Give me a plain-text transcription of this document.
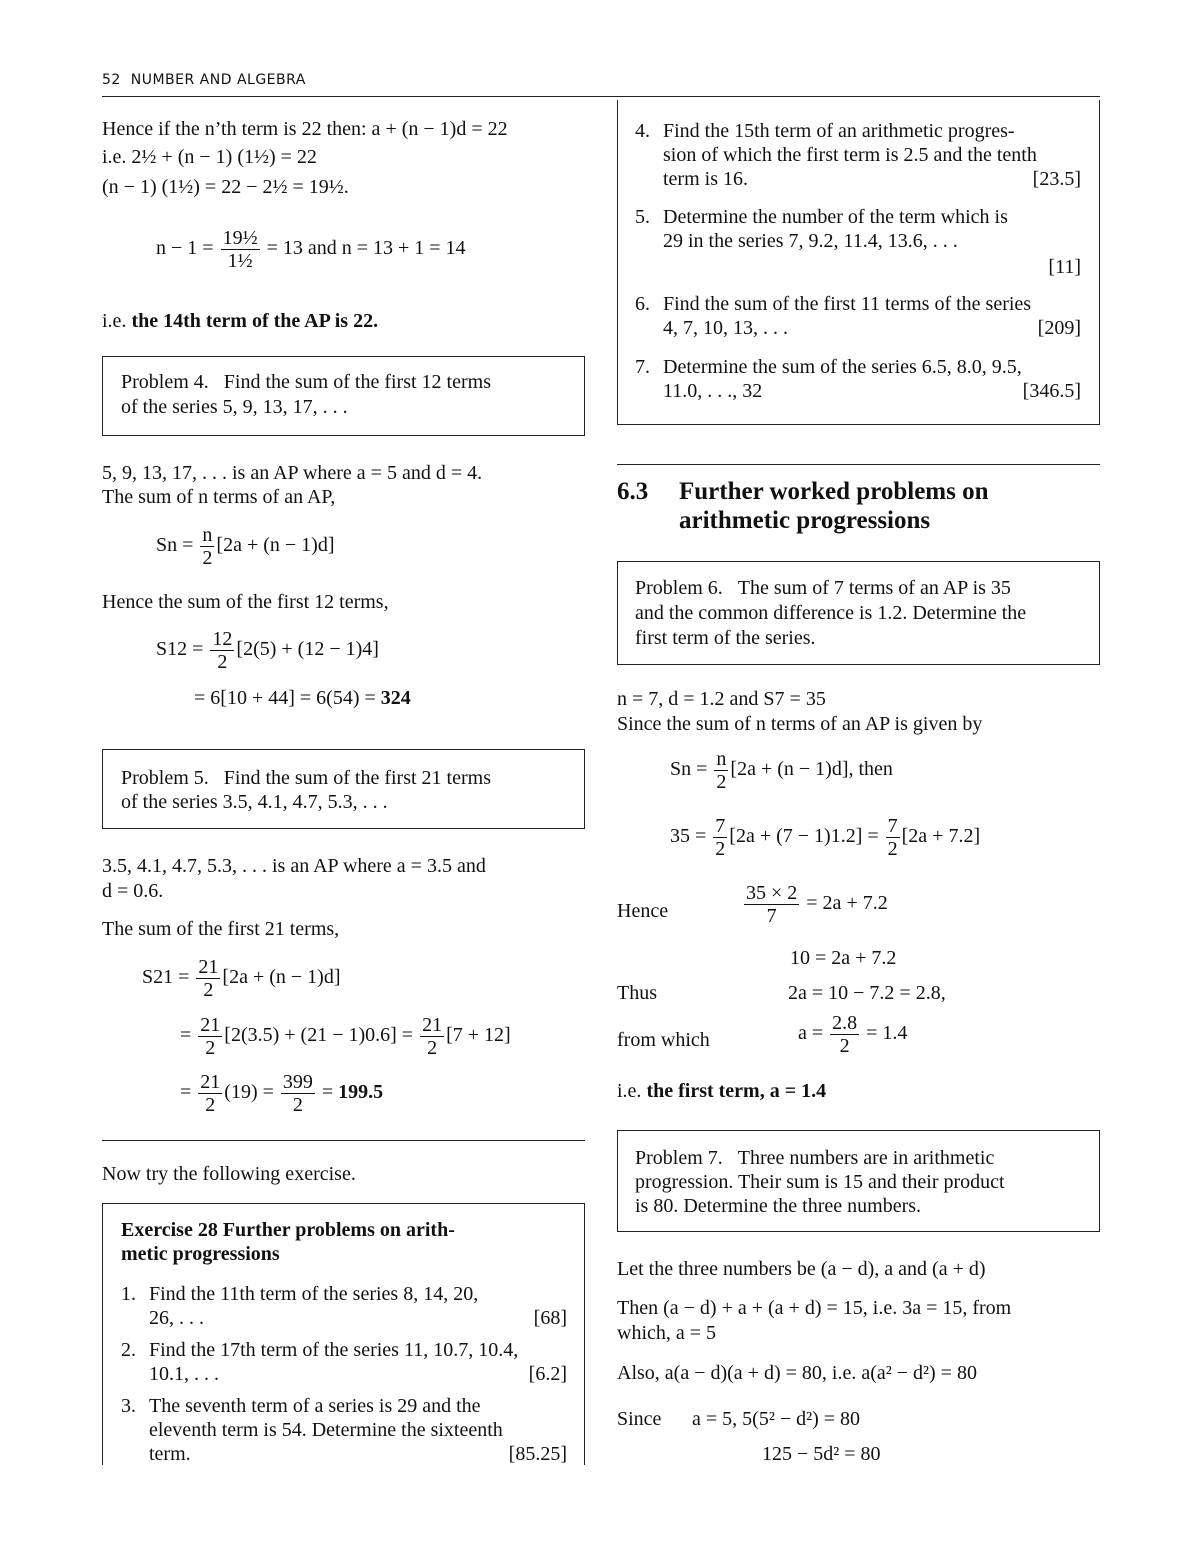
52 NUMBER AND ALGEBRA
Hence if the n’th term is 22 then: a + (n − 1)d = 22
i.e. 2½ + (n − 1) (1½) = 22
(n − 1) (1½) = 22 − 2½ = 19½.
$n - 1 = \frac{\text{19½}}{\text{1½}} = 13$ and n = 13 + 1 = 14
i.e. the 14th term of the AP is 22.
Problem 4. Find the sum of the first 12 terms
of the series 5, 9, 13, 17, . . .
5, 9, 13, 17, . . . is an AP where a = 5 and d = 4.
The sum of n terms of an AP,
$Sn = \frac{n}{2} [2a + (n - 1)d]$
Hence the sum of the first 12 terms,
$S12 = \frac{12}{2} [2(5) + (12 - 1)4]$
= 6[10 + 44] = 6(54) = 324
Problem 5. Find the sum of the first 21 terms
of the series 3.5, 4.1, 4.7, 5.3, . . .
3.5, 4.1, 4.7, 5.3, . . . is an AP where a = 3.5 and
d = 0.6.
The sum of the first 21 terms,
$S21 = \frac{21}{2} [2a + (n - 1)d]$
= $\frac{21}{2} [2(3.5) + (21 - 1)0.6] = \frac{21}{2} [7 + 12]$
= $\frac{21}{2} (19) = \frac{399}{2} = 199.5$
Now try the following exercise.
Exercise 28 Further problems on arith-
metic progressions
1. Find the 11th term of the series 8, 14, 20,
26, . . .	[68]
2. Find the 17th term of the series 11, 10.7, 10.4,
10.1, . . .	[6.2]
3. The seventh term of a series is 29 and the
eleventh term is 54. Determine the sixteenth
term.	[85.25]
4. Find the 15th term of an arithmetic progres-
sion of which the first term is 2.5 and the tenth
term is 16.	[23.5]
5. Determine the number of the term which is
29 in the series 7, 9.2, 11.4, 13.6, . . .
[11]
6. Find the sum of the first 11 terms of the series
4, 7, 10, 13, . . .	[209]
7. Determine the sum of the series 6.5, 8.0, 9.5,
11.0, . . ., 32	[346.5]
6.3 Further worked problems on
arithmetic progressions
Problem 6. The sum of 7 terms of an AP is 35
and the common difference is 1.2. Determine the
first term of the series.
n = 7, d = 1.2 and S7 = 35
Since the sum of n terms of an AP is given by
$Sn = \frac{n}{2} [2a + (n - 1)d]$, then
$35 = \frac{7}{2} [2a + (7 - 1)1.2] = \frac{7}{2} [2a + 7.2]$
Hence	$\frac{35 \times 2}{7} = 2a + 7.2$
10 = 2a + 7.2
Thus	2a = 10 − 7.2 = 2.8,
from which	$a = \frac{2.8}{2} = 1.4$
i.e. the first term, a = 1.4
Problem 7. Three numbers are in arithmetic
progression. Their sum is 15 and their product
is 80. Determine the three numbers.
Let the three numbers be (a − d), a and (a + d)
Then (a − d) + a + (a + d) = 15, i.e. 3a = 15, from
which, a = 5
Also, a(a − d)(a + d) = 80, i.e. a(a² − d²) = 80
Since a = 5, 5(5² − d²) = 80
125 − 5d² = 80
